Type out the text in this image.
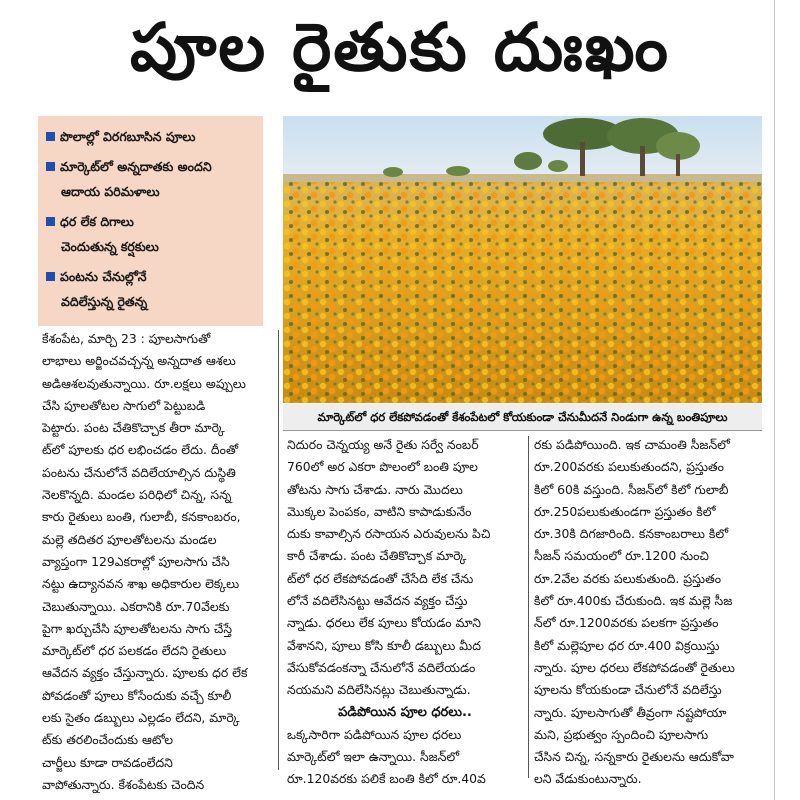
పూల రైతుకు దుఃఖం
పొలాల్లో విరగబూసిన పూలు
మార్కెట్‌లో అన్నదాతకు అందని
ఆదాయ పరిమళాలు
ధర లేక దిగాలు
చెందుతున్న కర్షకులు
పంటను చేనుల్లోనే
వదిలేస్తున్న రైతన్న
మార్కెట్‌లో ధర లేకపోవడంతో కేశంపేటలో కోయకుండా చేనుమీదనే నిండుగా ఉన్న బంతిపూలు
కేశంపేట, మార్చి 23 : పూలసాగుతో
లాభాలు అర్జించవచ్చన్న అన్నదాత ఆశలు
అడిఆశలవుతున్నాయి. రూ.లక్షలు అప్పులు
చేసి పూలతోటల సాగులో పెట్టుబడి
పెట్టారు. పంట చేతికొచ్చాక తీరా మార్కె
ట్‌లో పూలకు ధర లభించడం లేదు. దీంతో
పంటను చేనులోనే వదిలేయాల్సిన దుస్థితి
నెలకొన్నది. మండల పరిధిలో చిన్న, సన్న
కారు రైతులు బంతి, గులాబీ, కనకాంబరం,
మల్లె తదితర పూలతోటలను మండల
వ్యాప్తంగా 129ఎకరాల్లో పూలసాగు చేసి
నట్టు ఉద్యానవన శాఖ అధికారుల లెక్కలు
చెబుతున్నాయి. ఎకరానికి రూ.70వేలకు
పైగా ఖర్చుచేసి పూలతోటలను సాగు చేస్తే
మార్కెట్‌లో ధర పలకడం లేదని రైతులు
ఆవేదన వ్యక్తం చేస్తున్నారు. పూలకు ధర లేక
పోవడంతో పూలు కోసేందుకు వచ్చే కూలీ
లకు సైతం డబ్బులు ఎల్లడం లేదని, మార్కె
ట్‌కు తరలించేందుకు ఆటోల
చార్జీలు కూడా రావడంలేదని
వాపోతున్నారు. కేశంపేటకు చెందిన
నిదురం చెన్నయ్య అనే రైతు సర్వే నంబర్
760లో అర ఎకరా పొలంలో బంతి పూల
తోటను సాగు చేశాడు. నారు మొదలు
మొక్కల పెంపకం, వాటిని కాపాడుకునేం
దుకు కావాల్సిన రసాయన ఎరువులను పిచి
కారీ చేశాడు. పంట చేతికొచ్చాక మార్కె
ట్‌లో ధర లేకపోవడంతో చేసేది లేక చేను
లోనే వదిలేసినట్టు ఆవేదన వ్యక్తం చేస్తు
న్నాడు. ధరలు లేక పూలు కోయడం మాని
వేశానని, పూలు కోసి కూలీ డబ్బులు మీద
వేసుకోవడంకన్నా చేనులోనే వదిలేయడం
నయమని వదిలేసినట్లు చెబుతున్నాడు.
పడిపోయిన పూల ధరలు..
ఒక్కసారిగా పడిపోయిన పూల ధరలు
మార్కెట్‌లో ఇలా ఉన్నాయి. సీజన్‌లో
రూ.120వరకు పలికే బంతి కిలో రూ.40వ
రకు పడిపోయింది. ఇక చామంతి సీజన్‌లో
రూ.200వరకు పలుకుతుందని, ప్రస్తుతం
కిలో 60కి వస్తుంది. సీజన్‌లో కిలో గులాబీ
రూ.250పలుకుతుండగా ప్రస్తుతం కిలో
రూ.30కి దిగజారింది. కనకాంబరాలు కిలో
సీజన్ సమయంలో రూ.1200 నుంచి
రూ.2వేల వరకు పలుకుతుంది. ప్రస్తుతం
కిలో రూ.400కు చేరుకుంది. ఇక మల్లె సీజ
న్‌లో రూ.1200వరకు పలకగా ప్రస్తుతం
కిలో మల్లెపూల ధర రూ.400 విక్రయిస్తు
న్నారు. పూల ధరలు లేకపోవడంతో రైతులు
పూలను కోయకుండా చేనులోనే వదిలేస్తు
న్నారు. పూలసాగుతో తీవ్రంగా నష్టపోయా
మని, ప్రభుత్వం స్పందించి పూలసాగు
చేసిన చిన్న, సన్నకారు రైతులను ఆదుకోవా
లని వేడుకుంటున్నారు.
